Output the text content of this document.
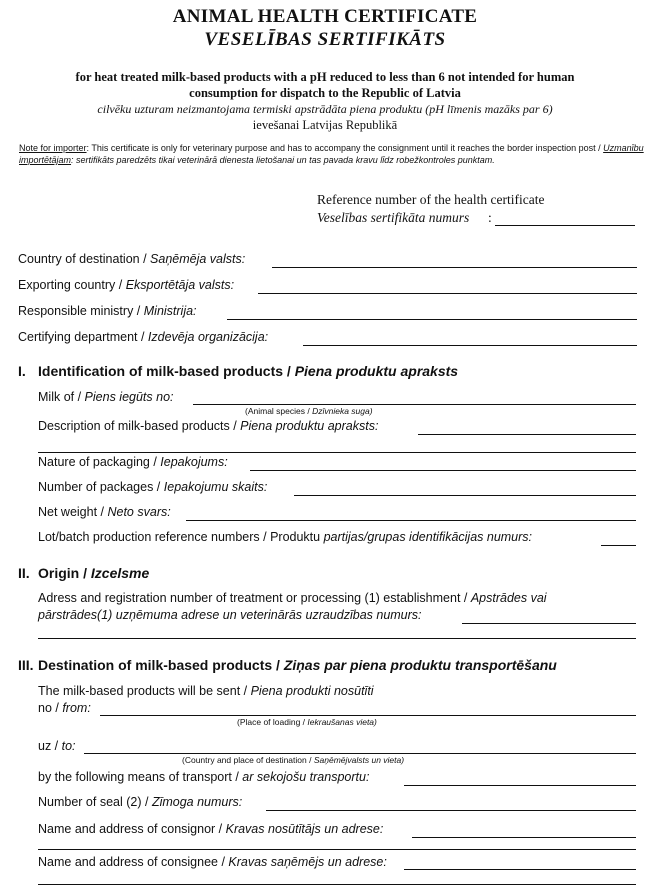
ANIMAL HEALTH CERTIFICATE
VESELĪBAS SERTIFIKĀTS
for heat treated milk-based products with a pH reduced to less than 6 not intended for human
consumption for dispatch to the Republic of Latvia
cilvēku uzturam neizmantojama termiski apstrādāta piena produktu (pH līmenis mazāks par 6)
ievešanai Latvijas Republikā
Note for importer: This certificate is only for veterinary purpose and has to accompany the consignment until it reaches the border inspection post / Uzmanību importētājam: sertifikāts paredzēts tikai veterinārā dienesta lietošanai un tas pavada kravu līdz robežkontroles punktam.
Reference number of the health certificate
Veselības sertifikāta numurs :
Country of destination / Saņēmēja valsts:
Exporting country / Eksportētāja valsts:
Responsible ministry / Ministrija:
Certifying department / Izdevēja organizācija:
I. Identification of milk-based products / Piena produktu apraksts
Milk of / Piens iegūts no:
(Animal species / Dzīvnieka suga)
Description of milk-based products / Piena produktu apraksts:
Nature of packaging / Iepakojums:
Number of packages / Iepakojumu skaits:
Net weight / Neto svars:
Lot/batch production reference numbers / Produktu partijas/grupas identifikācijas numurs:
II. Origin / Izcelsme
Adress and registration number of treatment or processing (1) establishment / Apstrādes vai
pārstrādes(1) uzņēmuma adrese un veterinārās uzraudzības numurs:
III. Destination of milk-based products / Ziņas par piena produktu transportēšanu
The milk-based products will be sent / Piena produkti nosūtīti
no / from:
(Place of loading / Iekraušanas vieta)
uz / to:
(Country and place of destination / Saņēmējvalsts un vieta)
by the following means of transport / ar sekojošu transportu:
Number of seal (2) / Zīmoga numurs:
Name and address of consignor / Kravas nosūtītājs un adrese:
Name and address of consignee / Kravas saņēmējs un adrese:
